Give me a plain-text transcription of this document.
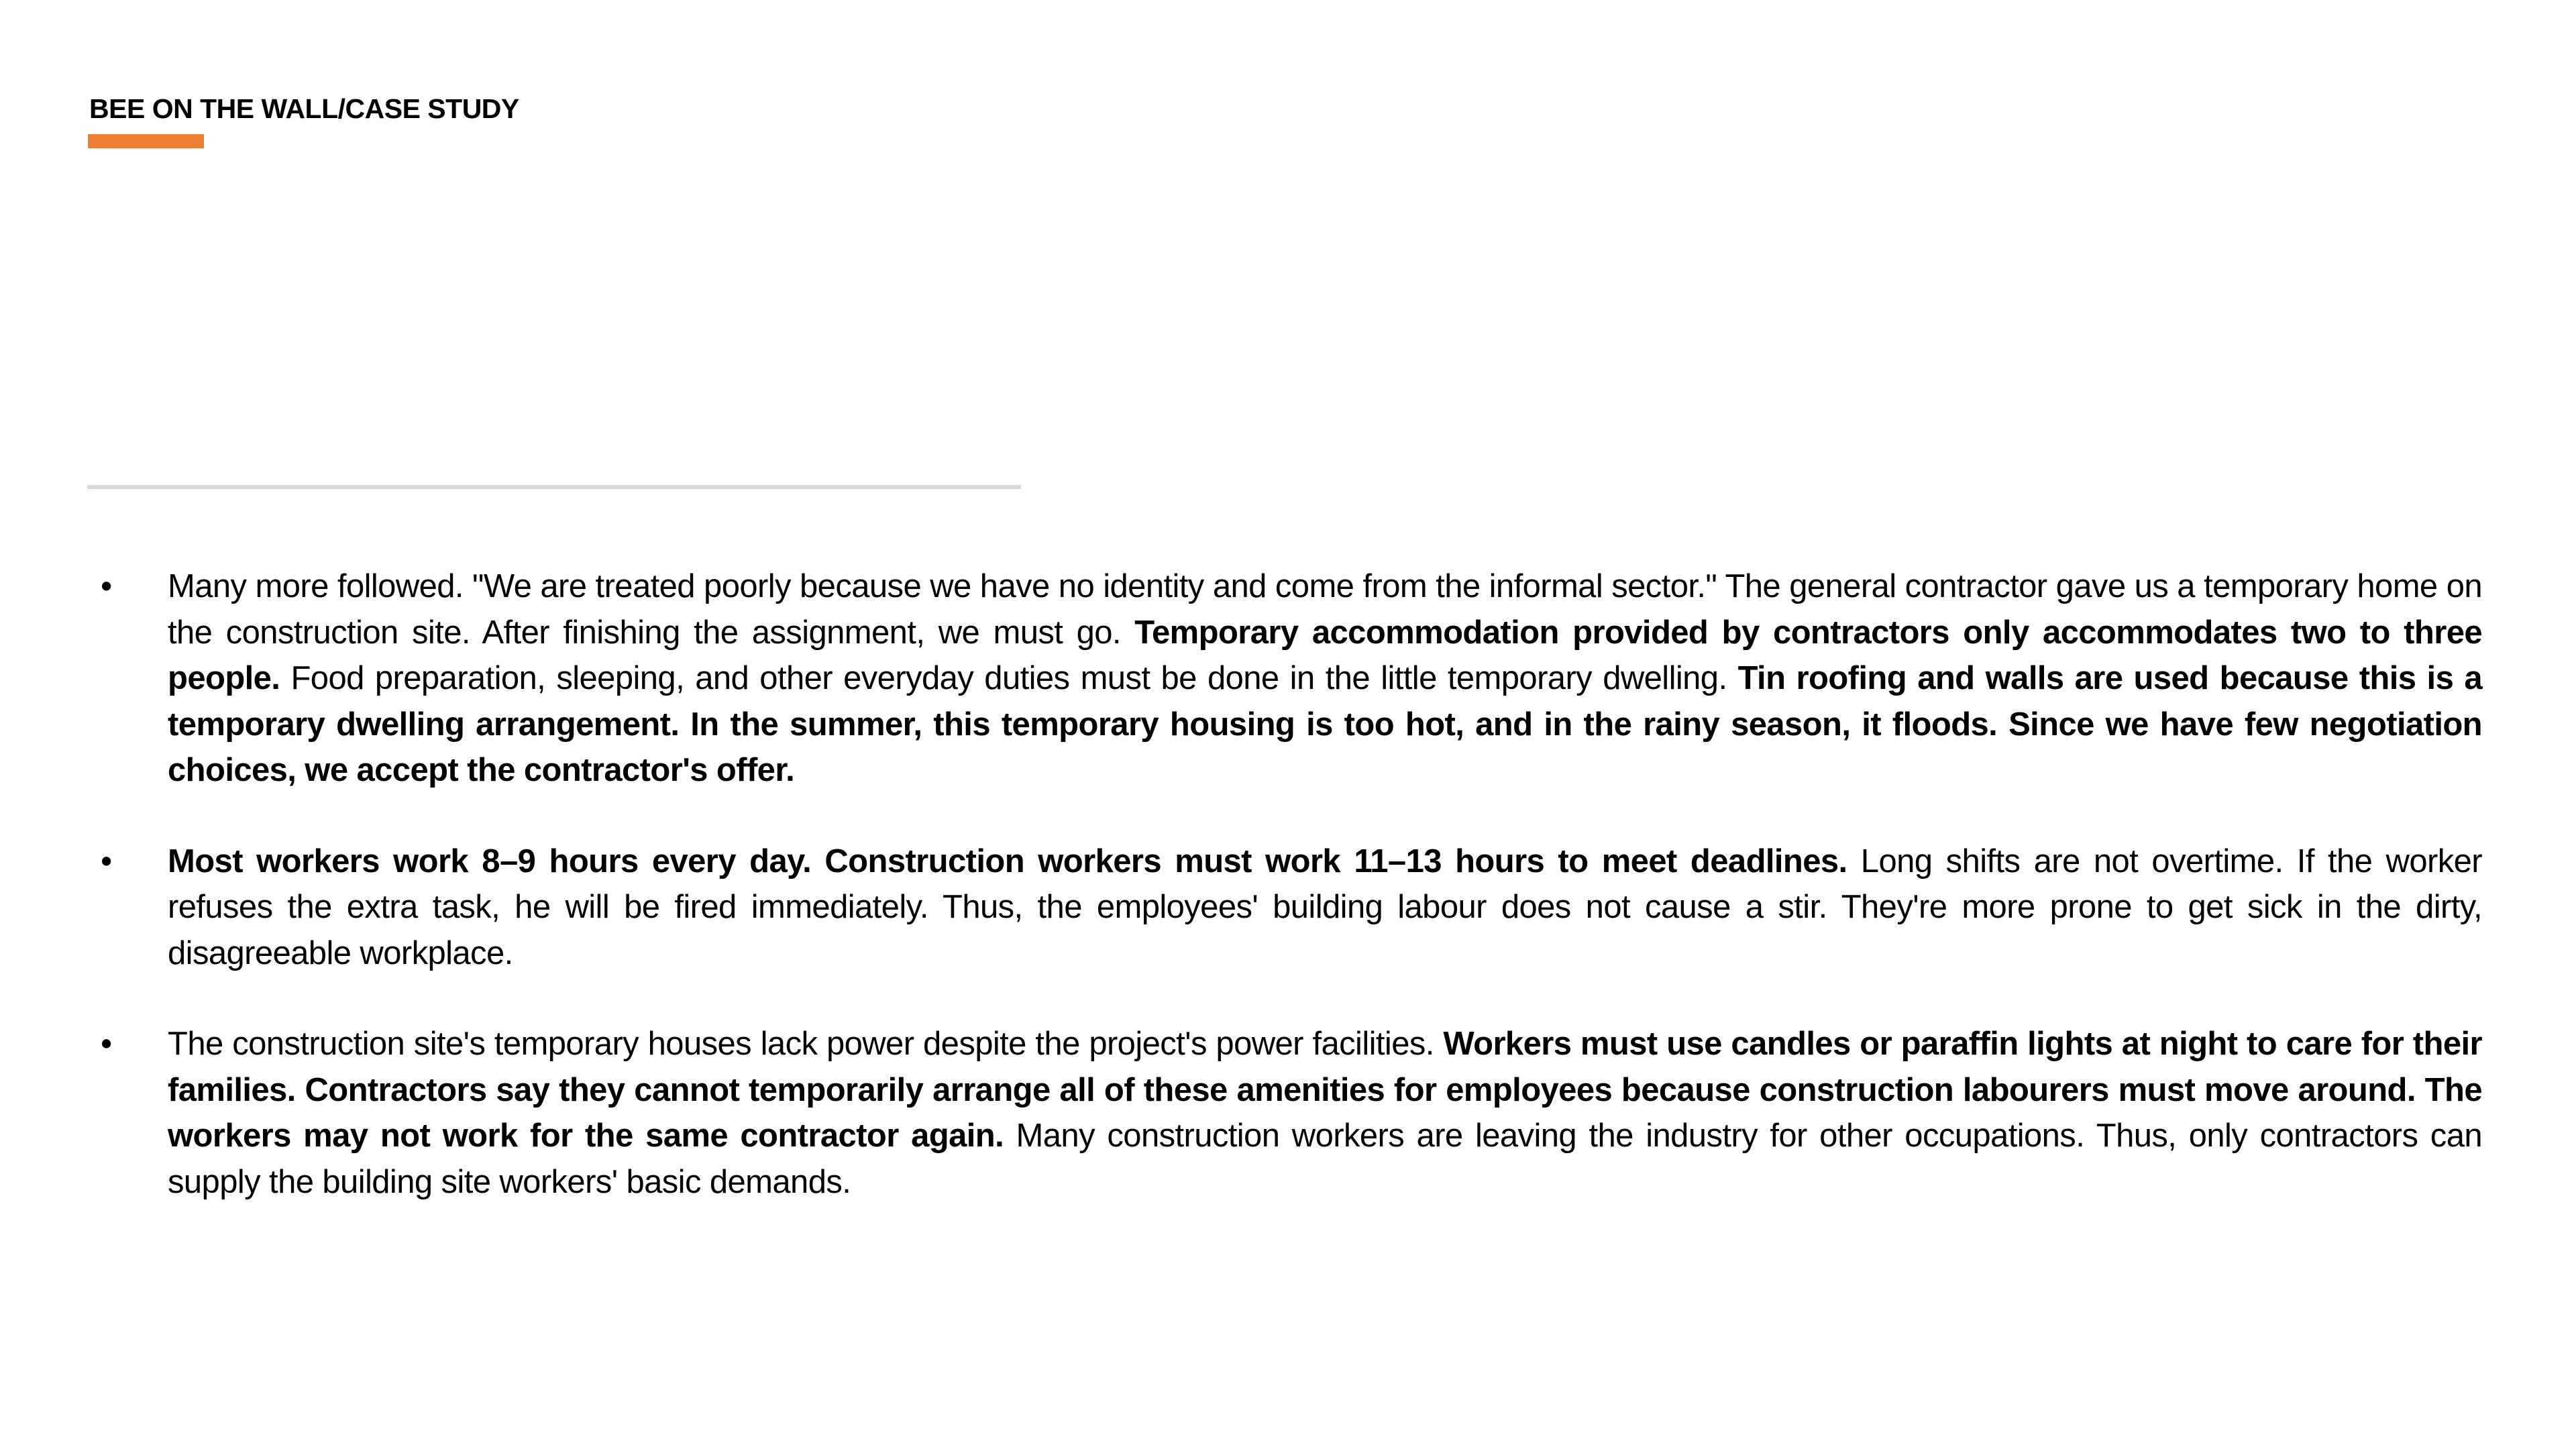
BEE ON THE WALL/CASE STUDY
•	Many more followed. "We are treated poorly because we have no identity and come from the informal sector." The general contractor gave us a temporary home on the construction site. After finishing the assignment, we must go. Temporary accommodation provided by contractors only accommodates two to three people. Food preparation, sleeping, and other everyday duties must be done in the little temporary dwelling. Tin roofing and walls are used because this is a temporary dwelling arrangement. In the summer, this temporary housing is too hot, and in the rainy season, it floods. Since we have few negotiation choices, we accept the contractor's offer.
•	Most workers work 8–9 hours every day. Construction workers must work 11–13 hours to meet deadlines. Long shifts are not overtime. If the worker refuses the extra task, he will be fired immediately. Thus, the employees' building labour does not cause a stir. They're more prone to get sick in the dirty, disagreeable workplace.
•	The construction site's temporary houses lack power despite the project's power facilities. Workers must use candles or paraffin lights at night to care for their families. Contractors say they cannot temporarily arrange all of these amenities for employees because construction labourers must move around. The workers may not work for the same contractor again. Many construction workers are leaving the industry for other occupations. Thus, only contractors can supply the building site workers' basic demands.
